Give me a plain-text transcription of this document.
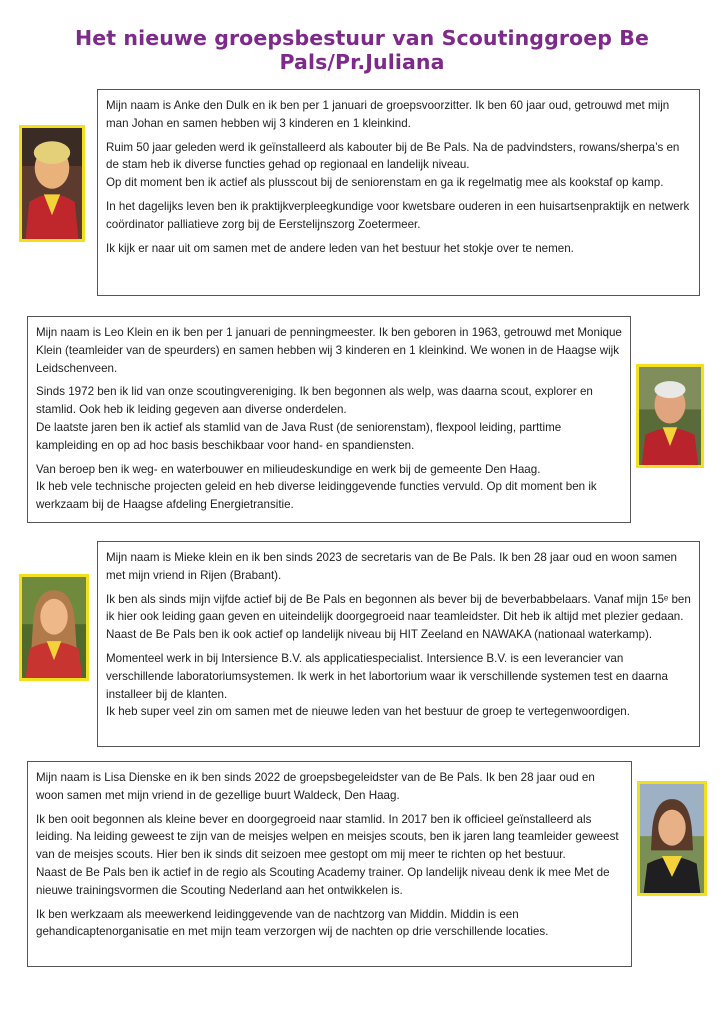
Het nieuwe groepsbestuur van Scoutinggroep Be Pals/Pr.Juliana

Mijn naam is Anke den Dulk en ik ben per 1 januari de groepsvoorzitter. Ik ben 60 jaar oud, getrouwd met mijn man Johan en samen hebben wij 3 kinderen en 1 kleinkind.

Ruim 50 jaar geleden werd ik geïnstalleerd als kabouter bij de Be Pals. Na de padvindsters, rowans/sherpa’s en de stam heb ik diverse functies gehad op regionaal en landelijk niveau.
Op dit moment ben ik actief als plusscout bij de seniorenstam en ga ik regelmatig mee als kookstaf op kamp.

In het dagelijks leven ben ik praktijkverpleegkundige voor kwetsbare ouderen in een huisartsenpraktijk en netwerk coördinator palliatieve zorg bij de Eerstelijnszorg Zoetermeer.

Ik kijk er naar uit om samen met de andere leden van het bestuur het stokje over te nemen.

Mijn naam is Leo Klein en ik ben per 1 januari de penningmeester. Ik ben geboren in 1963, getrouwd met Monique Klein (teamleider van de speurders) en samen hebben wij 3 kinderen en 1 kleinkind. We wonen in de Haagse wijk Leidschenveen.

Sinds 1972 ben ik lid van onze scoutingvereniging. Ik ben begonnen als welp, was daarna scout, explorer en stamlid. Ook heb ik leiding gegeven aan diverse onderdelen.
De laatste jaren ben ik actief als stamlid van de Java Rust (de seniorenstam), flexpool leiding, parttime kampleiding en op ad hoc basis beschikbaar voor hand- en spandiensten.

Van beroep ben ik weg- en waterbouwer en milieudeskundige en werk bij de gemeente Den Haag.
Ik heb vele technische projecten geleid en heb diverse leidinggevende functies vervuld. Op dit moment ben ik werkzaam bij de Haagse afdeling Energietransitie.

Mijn naam is Mieke klein en ik ben sinds 2023 de secretaris van de Be Pals. Ik ben 28 jaar oud en woon samen met mijn vriend in Rijen (Brabant).

Ik ben als sinds mijn vijfde actief bij de Be Pals en begonnen als bever bij de beverbabbelaars. Vanaf mijn 15ᵉ ben ik hier ook leiding gaan geven en uiteindelijk doorgegroeid naar teamleidster. Dit heb ik altijd met plezier gedaan. Naast de Be Pals ben ik ook actief op landelijk niveau bij HIT Zeeland en NAWAKA (nationaal waterkamp).

Momenteel werk in bij Intersience B.V. als applicatiespecialist. Intersience B.V. is een leverancier van verschillende laboratoriumsystemen. Ik werk in het labortorium waar ik verschillende systemen test en daarna installeer bij de klanten.
Ik heb super veel zin om samen met de nieuwe leden van het bestuur de groep te vertegenwoordigen.

Mijn naam is Lisa Dienske en ik ben sinds 2022 de groepsbegeleidster van de Be Pals. Ik ben 28 jaar oud en woon samen met mijn vriend in de gezellige buurt Waldeck, Den Haag.

Ik ben ooit begonnen als kleine bever en doorgegroeid naar stamlid. In 2017 ben ik officieel geïnstalleerd als leiding. Na leiding geweest te zijn van de meisjes welpen en meisjes scouts, ben ik jaren lang teamleider geweest van de meisjes scouts. Hier ben ik sinds dit seizoen mee gestopt om mij meer te richten op het bestuur.
Naast de Be Pals ben ik actief in de regio als Scouting Academy trainer. Op landelijk niveau denk ik mee Met de nieuwe trainingsvormen die Scouting Nederland aan het ontwikkelen is.

Ik ben werkzaam als meewerkend leidinggevende van de nachtzorg van Middin. Middin is een gehandicaptenorganisatie en met mijn team verzorgen wij de nachten op drie verschillende locaties.
